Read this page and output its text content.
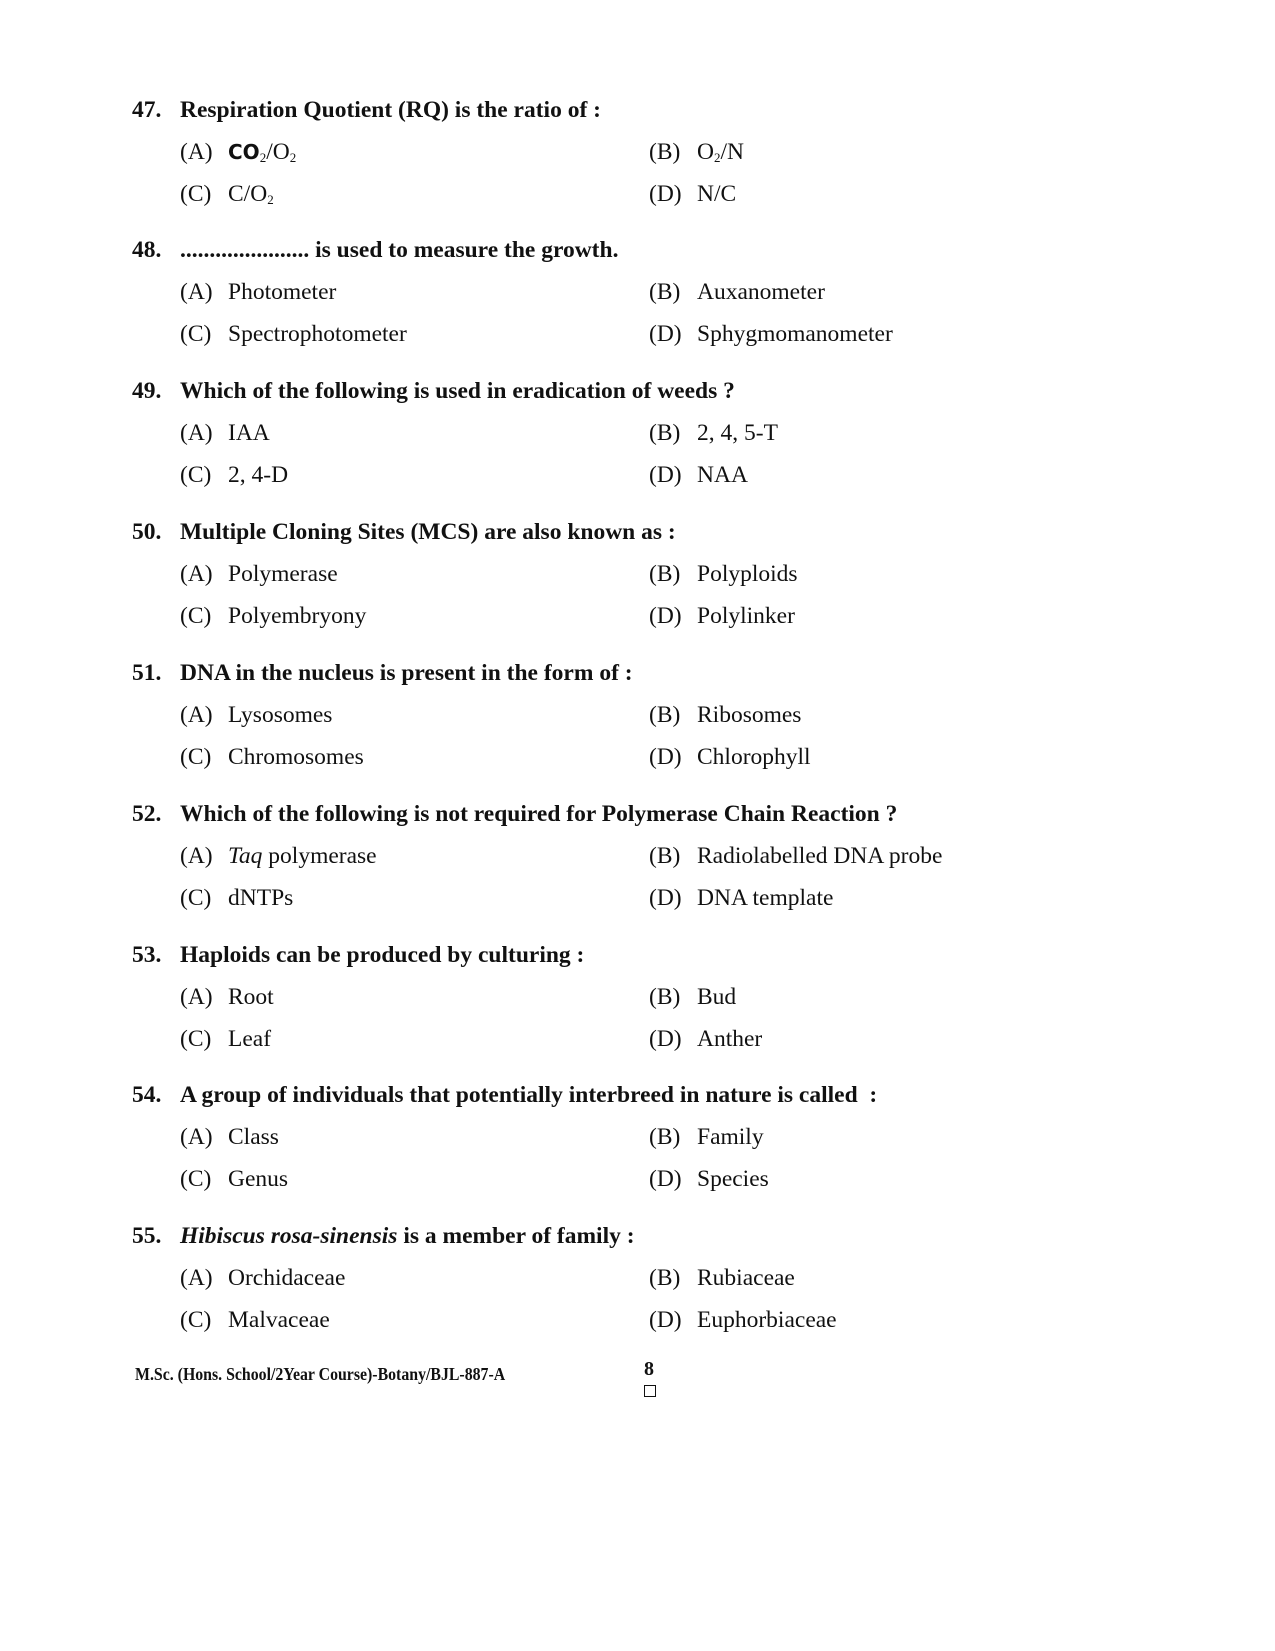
47. Respiration Quotient (RQ) is the ratio of :
(A) $CO_2/O_2$	(B) $O_2/N$
(C) $C/O_2$	(D) N/C
48. ...................... is used to measure the growth.
(A) Photometer	(B) Auxanometer
(C) Spectrophotometer	(D) Sphygmomanometer
49. Which of the following is used in eradication of weeds ?
(A) IAA	(B) 2, 4, 5-T
(C) 2, 4-D	(D) NAA
50. Multiple Cloning Sites (MCS) are also known as :
(A) Polymerase	(B) Polyploids
(C) Polyembryony	(D) Polylinker
51. DNA in the nucleus is present in the form of :
(A) Lysosomes	(B) Ribosomes
(C) Chromosomes	(D) Chlorophyll
52. Which of the following is not required for Polymerase Chain Reaction ?
(A) Taq polymerase	(B) Radiolabelled DNA probe
(C) dNTPs	(D) DNA template
53. Haploids can be produced by culturing :
(A) Root	(B) Bud
(C) Leaf	(D) Anther
54. A group of individuals that potentially interbreed in nature is called  :
(A) Class	(B) Family
(C) Genus	(D) Species
55. Hibiscus rosa-sinensis is a member of family :
(A) Orchidaceae	(B) Rubiaceae
(C) Malvaceae	(D) Euphorbiaceae
M.Sc. (Hons. School/2Year Course)-Botany/BJL-887-A	8
